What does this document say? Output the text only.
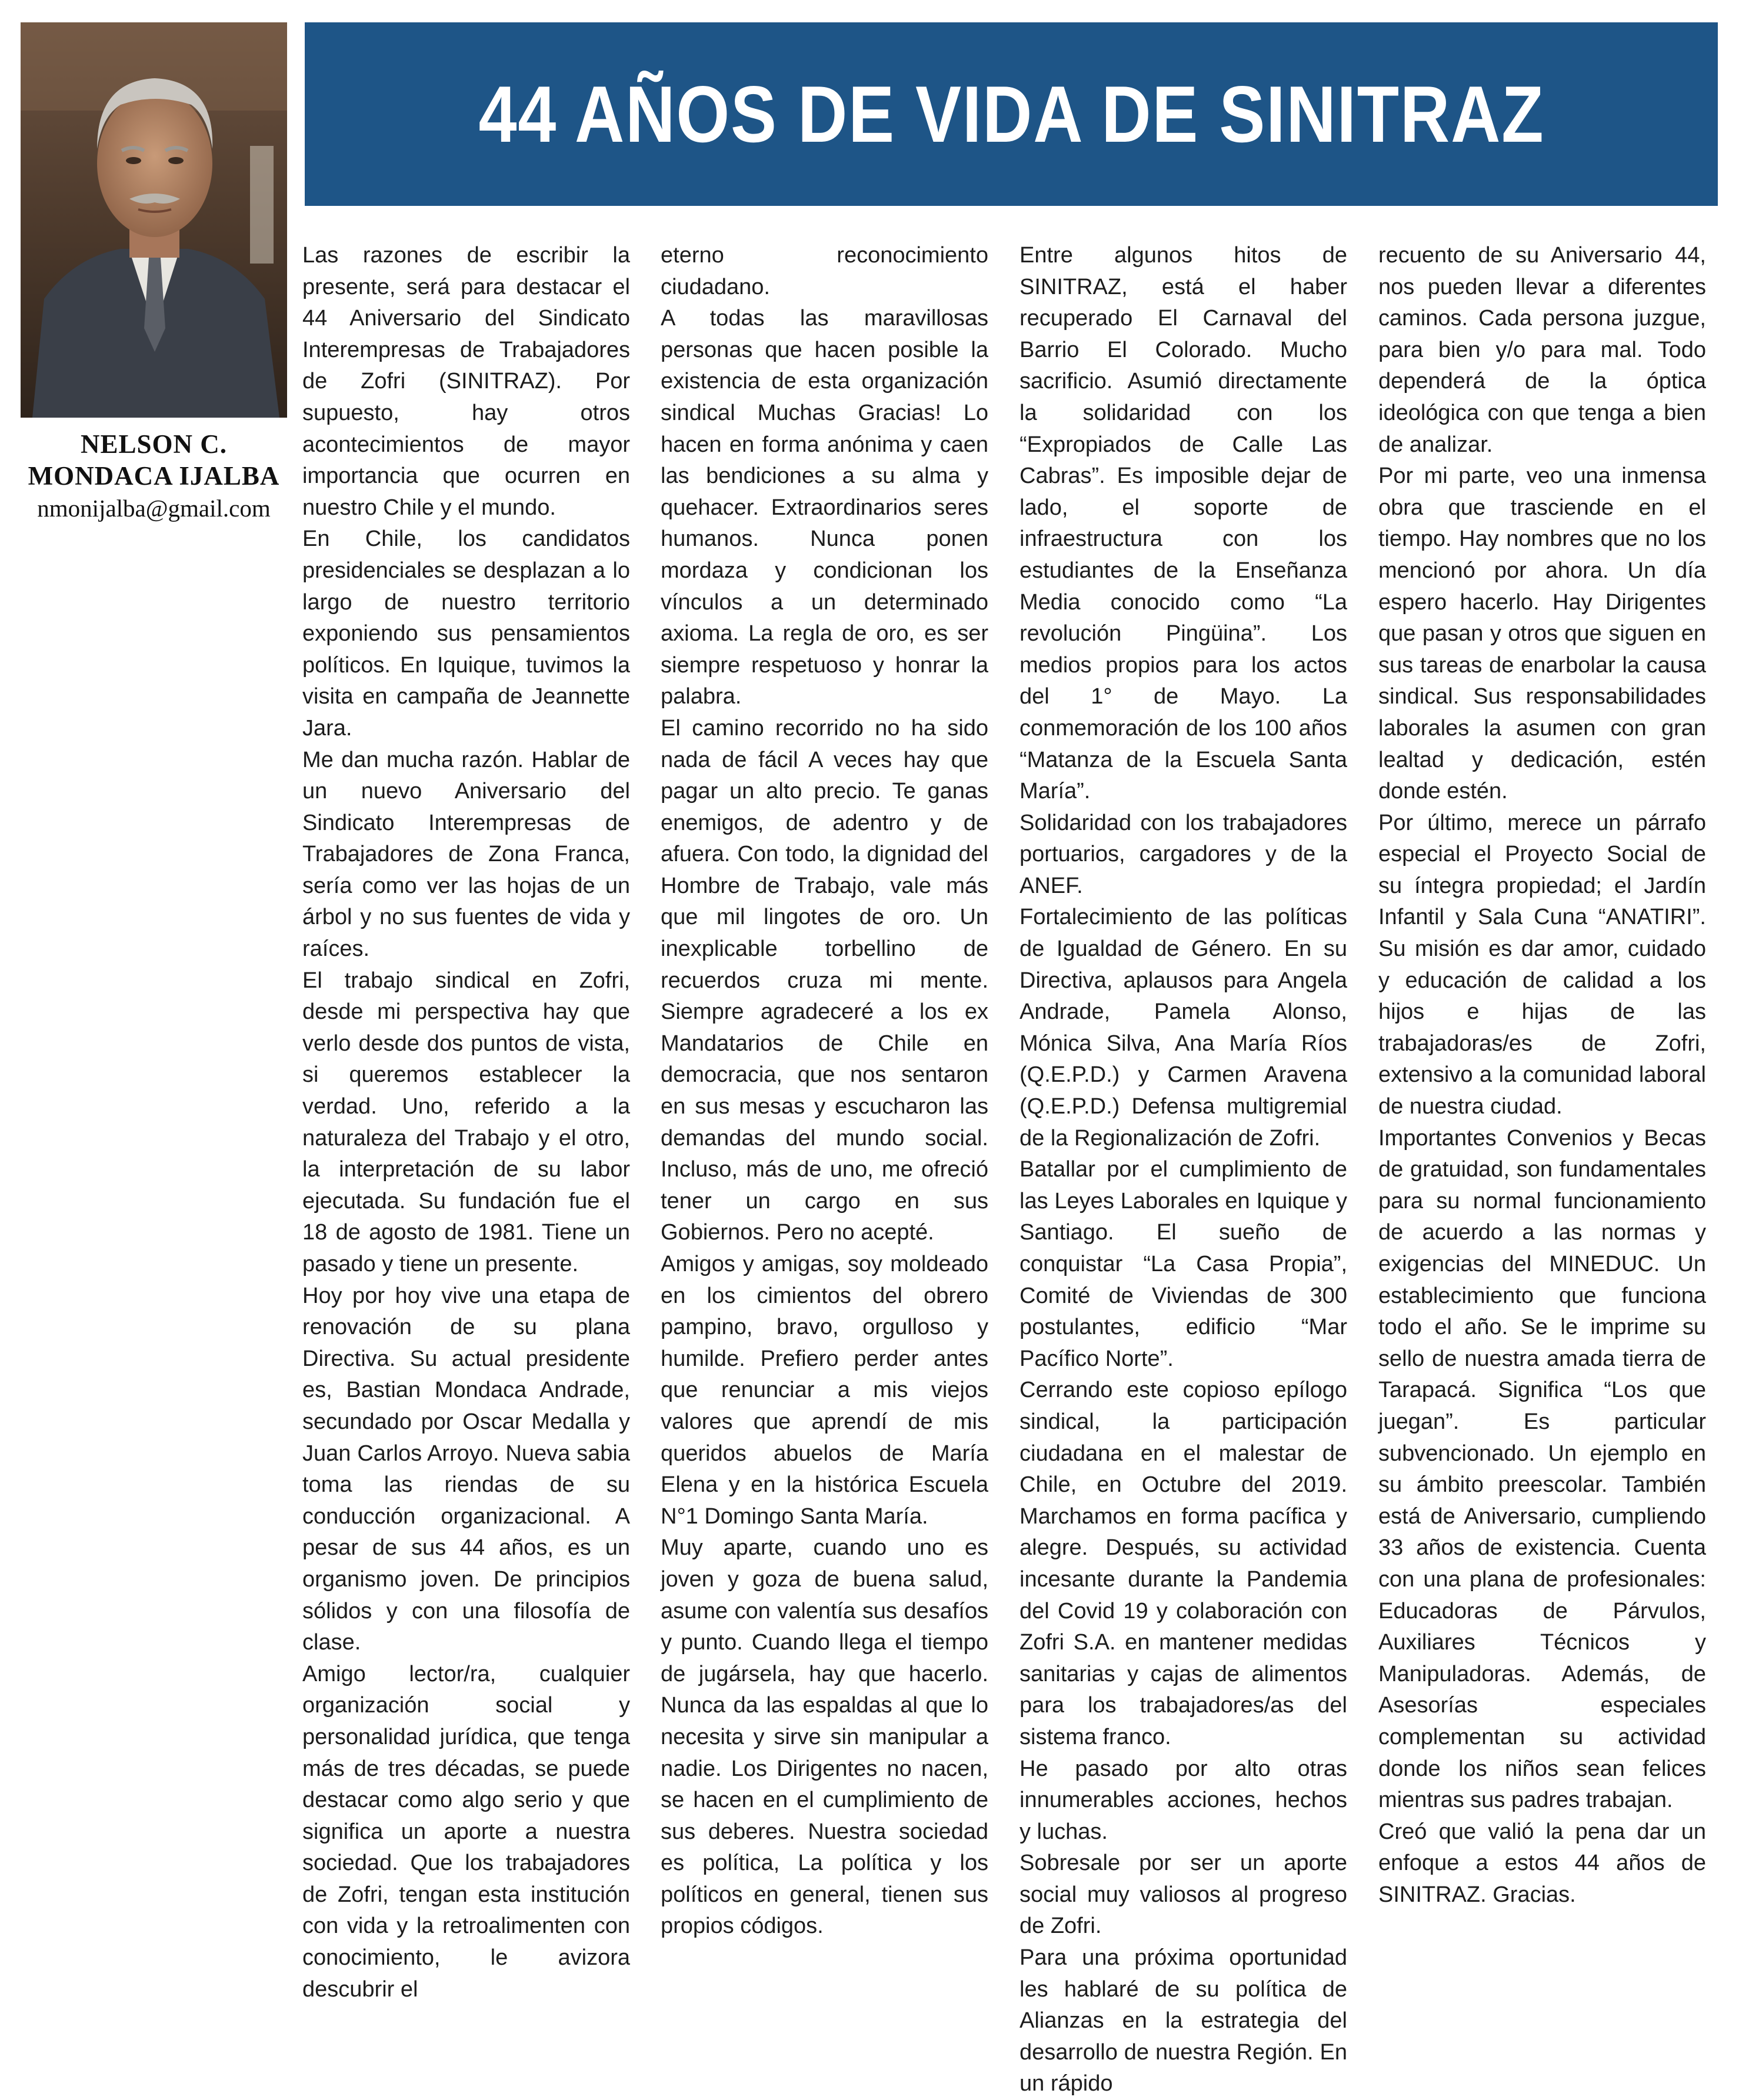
NELSON C.
MONDACA IJALBA
nmonijalba@gmail.com
44 AÑOS DE VIDA DE SINITRAZ

Las razones de escribir la presente, será para destacar el 44 Aniversario del Sindicato Interempresas de Trabajadores de Zofri (SINITRAZ). Por supuesto, hay otros acontecimientos de mayor importancia que ocurren en nuestro Chile y el mundo.

En Chile, los candidatos presidenciales se desplazan a lo largo de nuestro territorio exponiendo sus pensamientos políticos. En Iquique, tuvimos la visita en campaña de Jeannette Jara.

Me dan mucha razón. Hablar de un nuevo Aniversario del Sindicato Interempresas de Trabajadores de Zona Franca, sería como ver las hojas de un árbol y no sus fuentes de vida y raíces.

El trabajo sindical en Zofri, desde mi perspectiva hay que verlo desde dos puntos de vista, si queremos establecer la verdad. Uno, referido a la naturaleza del Trabajo y el otro, la interpretación de su labor ejecutada. Su fundación fue el 18 de agosto de 1981. Tiene un pasado y tiene un presente.

Hoy por hoy vive una etapa de renovación de su plana Directiva. Su actual presidente es, Bastian Mondaca Andrade, secundado por Oscar Medalla y Juan Carlos Arroyo. Nueva sabia toma las riendas de su conducción organizacional. A pesar de sus 44 años, es un organismo joven. De principios sólidos y con una filosofía de clase.

Amigo lector/ra, cualquier organización social y personalidad jurídica, que tenga más de tres décadas, se puede destacar como algo serio y que significa un aporte a nuestra sociedad. Que los trabajadores de Zofri, tengan esta institución con vida y la retroalimenten con conocimiento, le avizora descubrir el

eterno reconocimiento ciudadano.

A todas las maravillosas personas que hacen posible la existencia de esta organización sindical Muchas Gracias! Lo hacen en forma anónima y caen las bendiciones a su alma y quehacer. Extraordinarios seres humanos. Nunca ponen mordaza y condicionan los vínculos a un determinado axioma. La regla de oro, es ser siempre respetuoso y honrar la palabra.

El camino recorrido no ha sido nada de fácil A veces hay que pagar un alto precio. Te ganas enemigos, de adentro y de afuera. Con todo, la dignidad del Hombre de Trabajo, vale más que mil lingotes de oro. Un inexplicable torbellino de recuerdos cruza mi mente. Siempre agradeceré a los ex Mandatarios de Chile en democracia, que nos sentaron en sus mesas y escucharon las demandas del mundo social. Incluso, más de uno, me ofreció tener un cargo en sus Gobiernos. Pero no acepté.

Amigos y amigas, soy moldeado en los cimientos del obrero pampino, bravo, orgulloso y humilde. Prefiero perder antes que renunciar a mis viejos valores que aprendí de mis queridos abuelos de María Elena y en la histórica Escuela N°1 Domingo Santa María.

Muy aparte, cuando uno es joven y goza de buena salud, asume con valentía sus desafíos y punto. Cuando llega el tiempo de jugársela, hay que hacerlo. Nunca da las espaldas al que lo necesita y sirve sin manipular a nadie. Los Dirigentes no nacen, se hacen en el cumplimiento de sus deberes. Nuestra sociedad es política, La política y los políticos en general, tienen sus propios códigos.

Entre algunos hitos de SINITRAZ, está el haber recuperado El Carnaval del Barrio El Colorado. Mucho sacrificio. Asumió directamente la solidaridad con los “Expropiados de Calle Las Cabras”. Es imposible dejar de lado, el soporte de infraestructura con los estudiantes de la Enseñanza Media conocido como “La revolución Pingüina”. Los medios propios para los actos del 1° de Mayo. La conmemoración de los 100 años “Matanza de la Escuela Santa María”.

Solidaridad con los trabajadores portuarios, cargadores y de la ANEF.

Fortalecimiento de las políticas de Igualdad de Género. En su Directiva, aplausos para Angela Andrade, Pamela Alonso, Mónica Silva, Ana María Ríos (Q.E.P.D.) y Carmen Aravena (Q.E.P.D.) Defensa multigremial de la Regionalización de Zofri.

Batallar por el cumplimiento de las Leyes Laborales en Iquique y Santiago. El sueño de conquistar “La Casa Propia”, Comité de Viviendas de 300 postulantes, edificio “Mar Pacífico Norte”.

Cerrando este copioso epílogo sindical, la participación ciudadana en el malestar de Chile, en Octubre del 2019. Marchamos en forma pacífica y alegre. Después, su actividad incesante durante la Pandemia del Covid 19 y colaboración con Zofri S.A. en mantener medidas sanitarias y cajas de alimentos para los trabajadores/as del sistema franco.

He pasado por alto otras innumerables acciones, hechos y luchas.

Sobresale por ser un aporte social muy valiosos al progreso de Zofri.

Para una próxima oportunidad les hablaré de su política de Alianzas en la estrategia del desarrollo de nuestra Región. En un rápido

recuento de su Aniversario 44, nos pueden llevar a diferentes caminos. Cada persona juzgue, para bien y/o para mal. Todo dependerá de la óptica ideológica con que tenga a bien de analizar.

Por mi parte, veo una inmensa obra que trasciende en el tiempo. Hay nombres que no los mencionó por ahora. Un día espero hacerlo. Hay Dirigentes que pasan y otros que siguen en sus tareas de enarbolar la causa sindical. Sus responsabilidades laborales la asumen con gran lealtad y dedicación, estén donde estén.

Por último, merece un párrafo especial el Proyecto Social de su íntegra propiedad; el Jardín Infantil y Sala Cuna “ANATIRI”. Su misión es dar amor, cuidado y educación de calidad a los hijos e hijas de las trabajadoras/es de Zofri, extensivo a la comunidad laboral de nuestra ciudad.

Importantes Convenios y Becas de gratuidad, son fundamentales para su normal funcionamiento de acuerdo a las normas y exigencias del MINEDUC. Un establecimiento que funciona todo el año. Se le imprime su sello de nuestra amada tierra de Tarapacá. Significa “Los que juegan”. Es particular subvencionado. Un ejemplo en su ámbito preescolar. También está de Aniversario, cumpliendo 33 años de existencia. Cuenta con una plana de profesionales: Educadoras de Párvulos, Auxiliares Técnicos y Manipuladoras. Además, de Asesorías especiales complementan su actividad donde los niños sean felices mientras sus padres trabajan.

Creó que valió la pena dar un enfoque a estos 44 años de SINITRAZ. Gracias.
